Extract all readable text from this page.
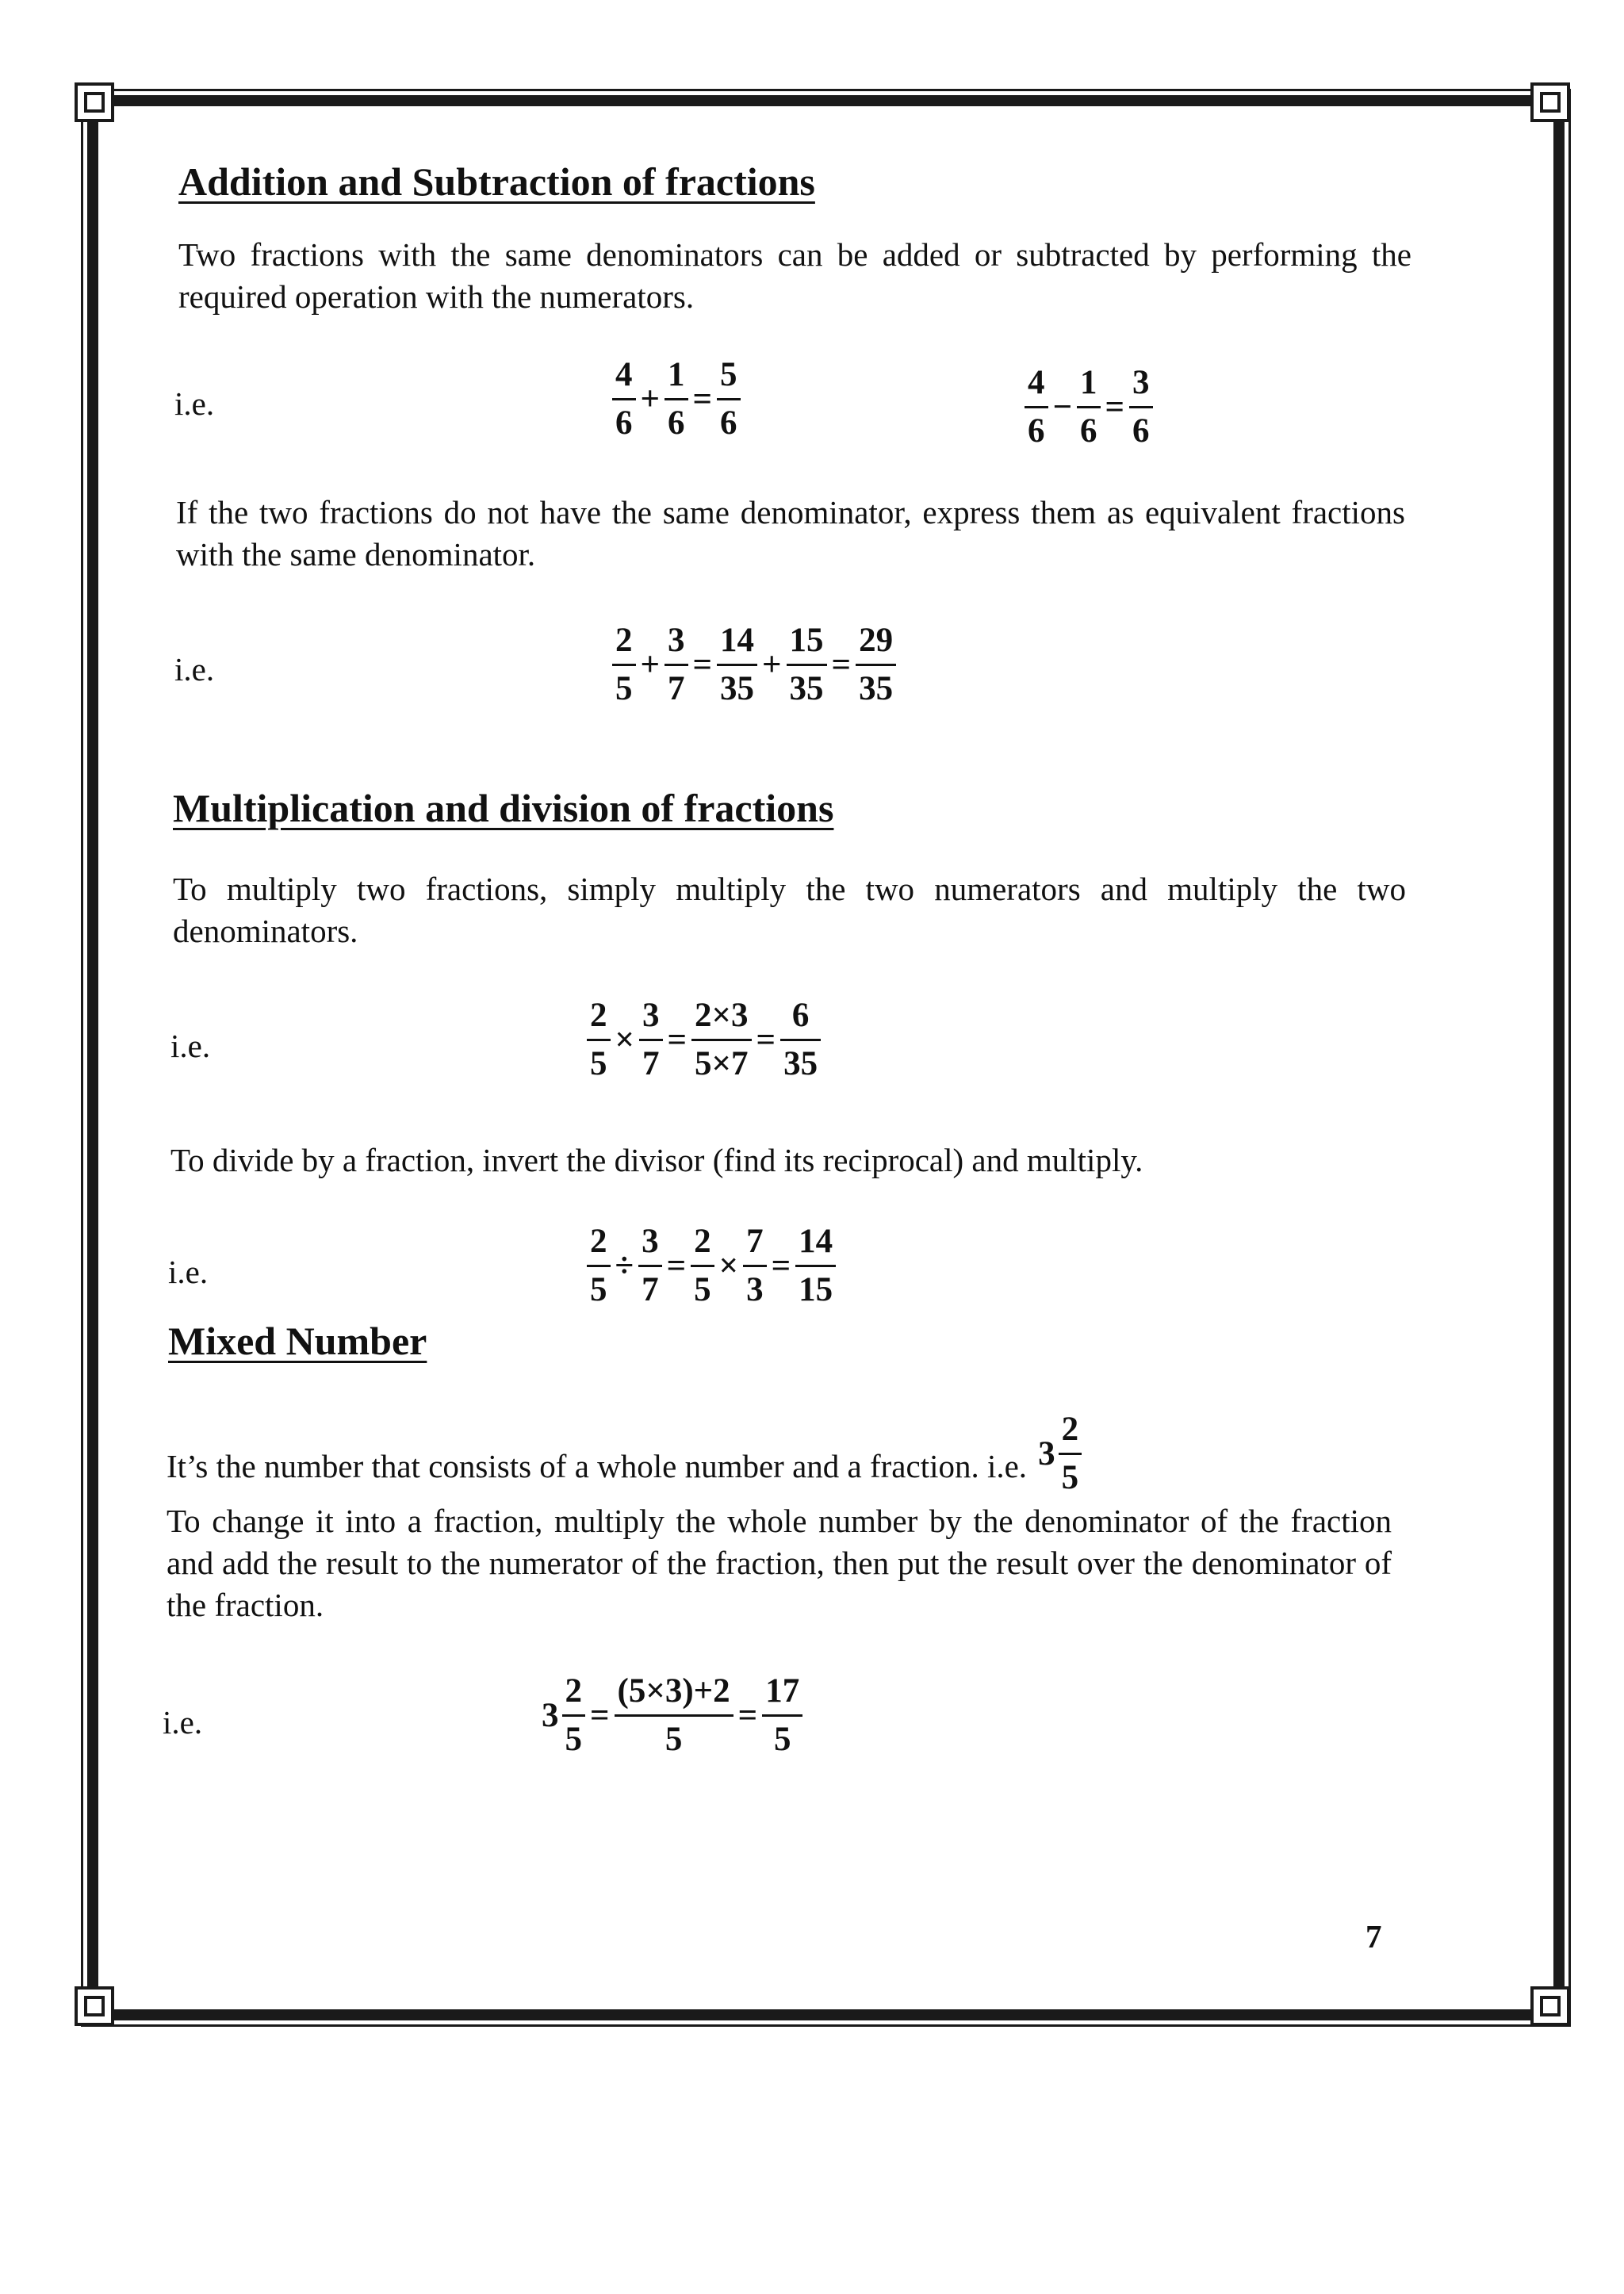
Addition and Subtraction of fractions

Two fractions with the same denominators can be added or subtracted by performing the required operation with the numerators.

i.e.	$\frac{4}{6} + \frac{1}{6} = \frac{5}{6}$	$\frac{4}{6} - \frac{1}{6} = \frac{3}{6}$

If the two fractions do not have the same denominator, express them as equivalent fractions with the same denominator.

i.e.	$\frac{2}{5} + \frac{3}{7} = \frac{14}{35} + \frac{15}{35} = \frac{29}{35}$
Multiplication and division of fractions

To multiply two fractions, simply multiply the two numerators and multiply the two denominators.

i.e.	$\frac{2}{5} \times \frac{3}{7} = \frac{2\times 3}{5\times 7} = \frac{6}{35}$

To divide by a fraction, invert the divisor (find its reciprocal) and multiply.

i.e.	$\frac{2}{5} \div \frac{3}{7} = \frac{2}{5} \times \frac{7}{3} = \frac{14}{15}$
Mixed Number
It’s the number that consists of a whole number and a fraction. i.e. $3 \frac{2}{5}$

To change it into a fraction, multiply the whole number by the denominator of the fraction and add the result to the numerator of the fraction, then put the result over the denominator of the fraction.

i.e.	$3 \frac{2}{5} = \frac{(5\times 3)+2}{5} = \frac{17}{5}$
7
